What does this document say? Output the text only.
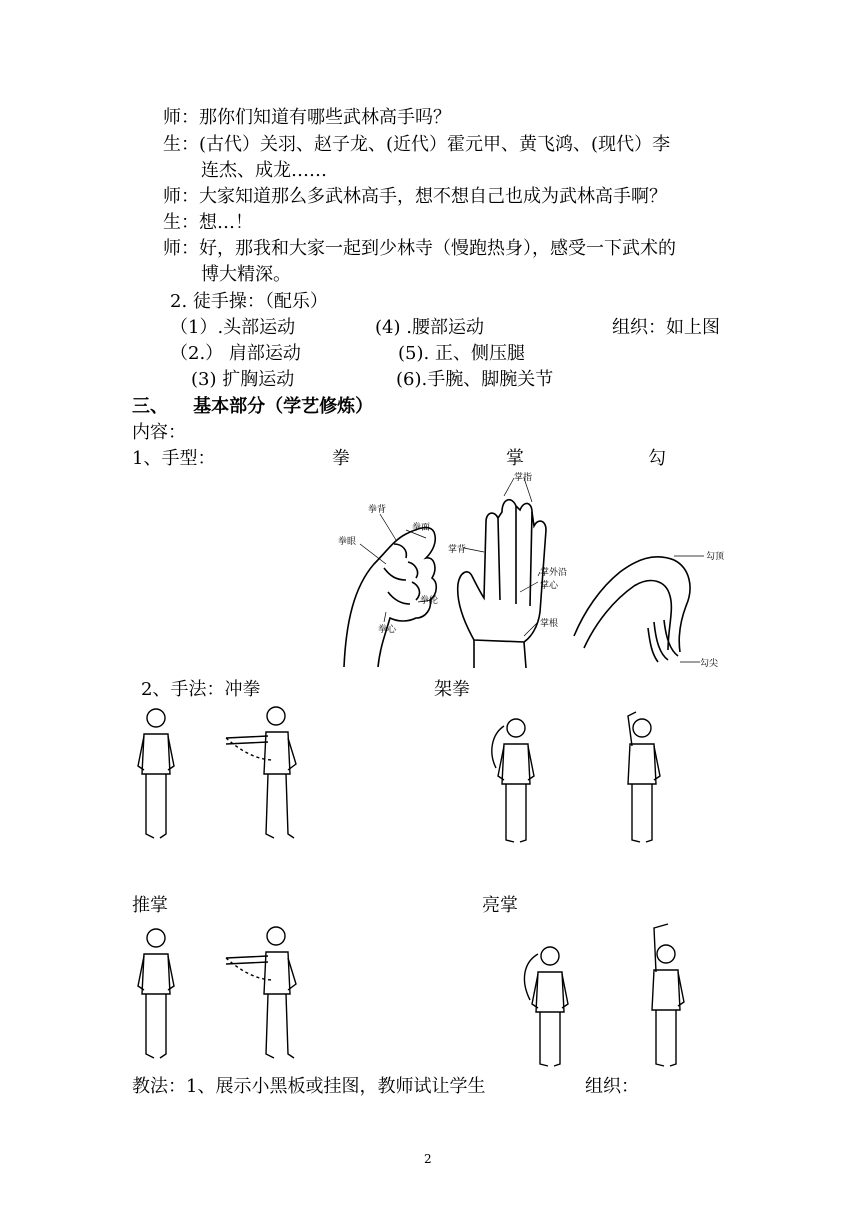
师：那你们知道有哪些武林高手吗？
生：(古代）关羽、赵子龙、(近代）霍元甲、黄飞鸿、(现代）李
连杰、成龙……
师：大家知道那么多武林高手，想不想自己也成为武林高手啊？
生：想…！
师：好，那我和大家一起到少林寺（慢跑热身），感受一下武术的
博大精深。
2. 徒手操：（配乐）
（1）.头部运动	(4) .腰部运动	组织：如上图
（2.） 肩部运动	(5). 正、侧压腿
(3) 扩胸运动	(6).手腕、脚腕关节
三、    基本部分（学艺修炼）
内容：
1、手型：	拳	掌	勾
拳背
拳面
拳眼
拳轮
拳心
掌指
掌背
掌外沿
掌心
掌根
勾顶
勾尖
2、手法：冲拳	架拳
推掌	亮掌
教法：1、展示小黑板或挂图，教师试让学生	组织：
2
